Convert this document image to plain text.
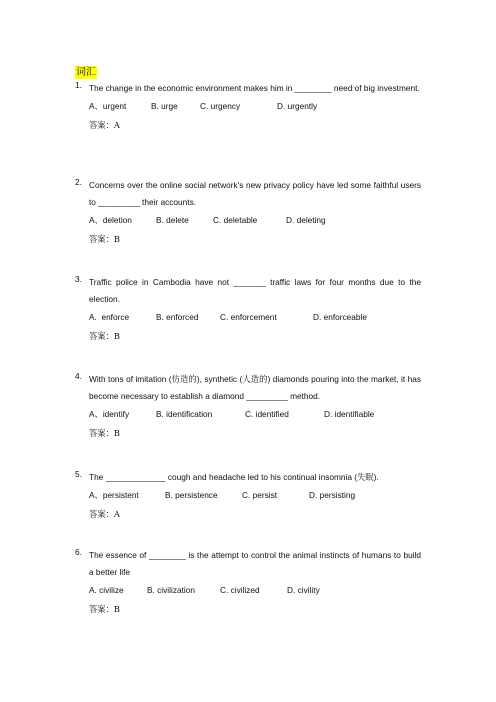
词汇
1. The change in the economic environment makes him in ________ need of big investment.
A、urgent	B. urge	C. urgency	D. urgently
答案：A
2. Concerns over the online social network's new privacy policy have led some faithful users to _________ their accounts.
A、deletion	B. delete	C. deletable	D. deleting
答案：B
3. Traffic police in Cambodia have not _______ traffic laws for four months due to the election.
A.  enforce	B. enforced	C. enforcement	D. enforceable
答案：B
4. With tons of imitation (仿造的), synthetic (人造的) diamonds pouring into the market, it has become necessary to establish a diamond _________ method.
A、identify	B. identification	C. identified	D. identifiable
答案：B
5. The _____________ cough and headache led to his continual insomnia (失眠).
A、persistent	B. persistence	C. persist	D. persisting
答案：A
6. The essence of ________ is the attempt to control the animal instincts of humans to build a better life
A. civilize	B. civilization	C. civilized	D. civility
答案：B
